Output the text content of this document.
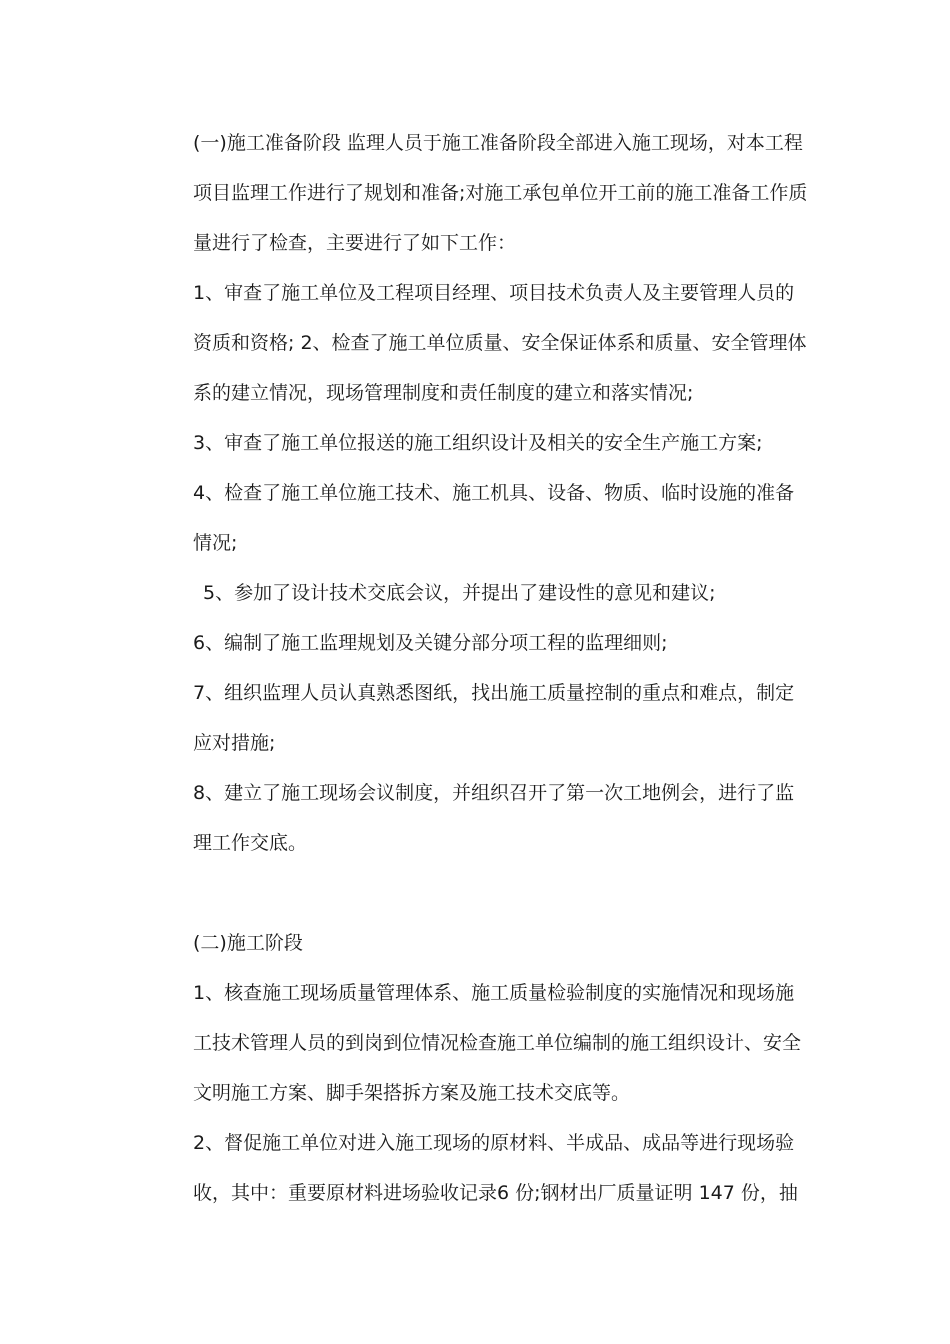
(一)施工准备阶段 监理人员于施工准备阶段全部进入施工现场，对本工程项目监理工作进行了规划和准备;对施工承包单位开工前的施工准备工作质量进行了检查，主要进行了如下工作：

1、审查了施工单位及工程项目经理、项目技术负责人及主要管理人员的资质和资格; 2、检查了施工单位质量、安全保证体系和质量、安全管理体系的建立情况，现场管理制度和责任制度的建立和落实情况;

3、审查了施工单位报送的施工组织设计及相关的安全生产施工方案;

4、检查了施工单位施工技术、施工机具、设备、物质、临时设施的准备情况;

5、参加了设计技术交底会议，并提出了建设性的意见和建议;

6、编制了施工监理规划及关键分部分项工程的监理细则;

7、组织监理人员认真熟悉图纸，找出施工质量控制的重点和难点，制定应对措施;

8、建立了施工现场会议制度，并组织召开了第一次工地例会，进行了监理工作交底。

(二)施工阶段

1、核查施工现场质量管理体系、施工质量检验制度的实施情况和现场施工技术管理人员的到岗到位情况检查施工单位编制的施工组织设计、安全文明施工方案、脚手架搭拆方案及施工技术交底等。

2、督促施工单位对进入施工现场的原材料、半成品、成品等进行现场验收，其中：重要原材料进场验收记录6 份;钢材出厂质量证明 147 份，抽
